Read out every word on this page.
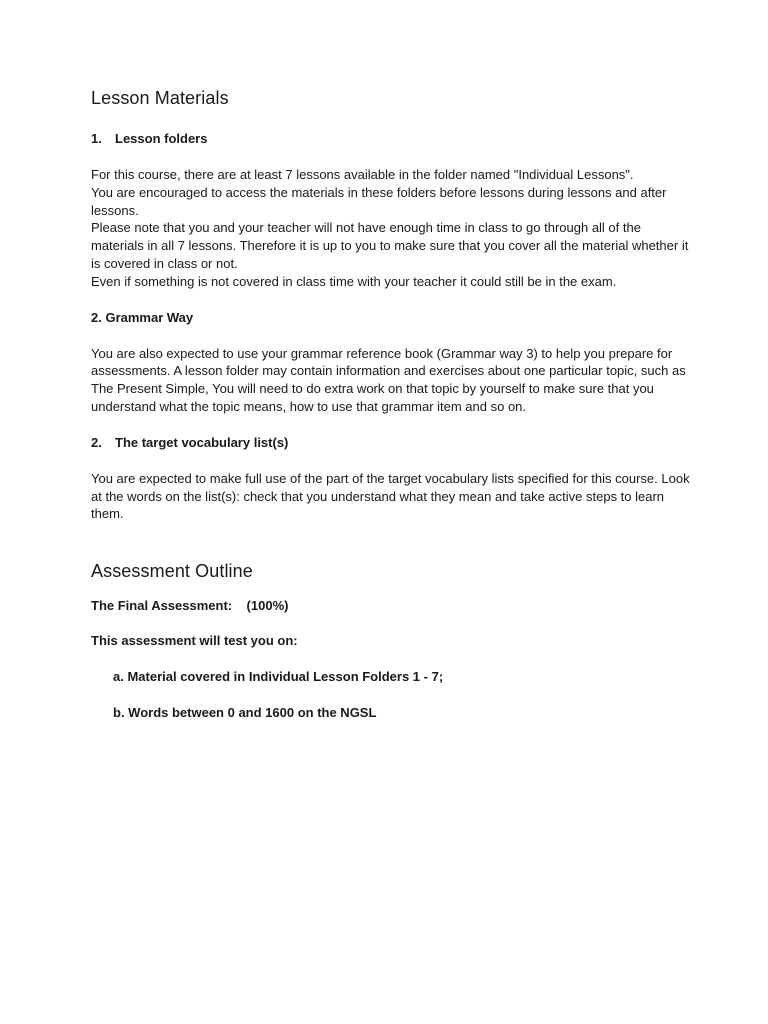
Lesson Materials

1. Lesson folders

For this course, there are at least 7 lessons available in the folder named "Individual Lessons".

You are encouraged to access the materials in these folders before lessons during lessons and after lessons.

Please note that you and your teacher will not have enough time in class to go through all of the materials in all 7 lessons. Therefore it is up to you to make sure that you cover all the material whether it is covered in class or not.

Even if something is not covered in class time with your teacher it could still be in the exam.

2. Grammar Way

You are also expected to use your grammar reference book (Grammar way 3) to help you prepare for assessments. A lesson folder may contain information and exercises about one particular topic, such as The Present Simple, You will need to do extra work on that topic by yourself to make sure that you understand what the topic means, how to use that grammar item and so on.

2. The target vocabulary list(s)

You are expected to make full use of the part of the target vocabulary lists specified for this course. Look at the words on the list(s): check that you understand what they mean and take active steps to learn them.

Assessment Outline

The Final Assessment:    (100%)

This assessment will test you on:

a. Material covered in Individual Lesson Folders 1 - 7;

b. Words between 0 and 1600 on the NGSL
